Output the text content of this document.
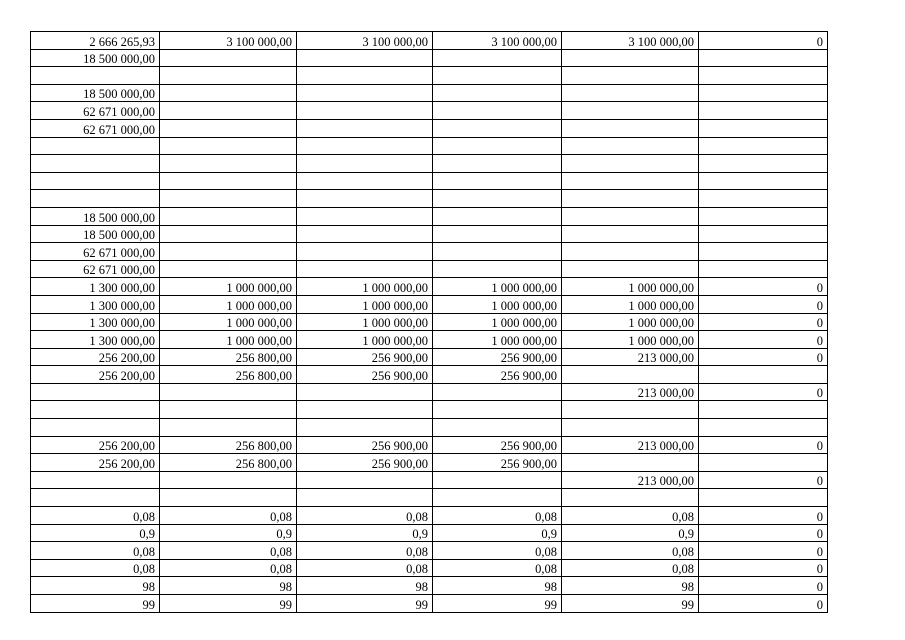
2 666 265,93	3 100 000,00	3 100 000,00	3 100 000,00	3 100 000,00	0
18 500 000,00					

18 500 000,00					
62 671 000,00					
62 671 000,00					

18 500 000,00					
18 500 000,00					
62 671 000,00					
62 671 000,00					
1 300 000,00	1 000 000,00	1 000 000,00	1 000 000,00	1 000 000,00	0
1 300 000,00	1 000 000,00	1 000 000,00	1 000 000,00	1 000 000,00	0
1 300 000,00	1 000 000,00	1 000 000,00	1 000 000,00	1 000 000,00	0
1 300 000,00	1 000 000,00	1 000 000,00	1 000 000,00	1 000 000,00	0
256 200,00	256 800,00	256 900,00	256 900,00	213 000,00	0
256 200,00	256 800,00	256 900,00	256 900,00		
				213 000,00	0

256 200,00	256 800,00	256 900,00	256 900,00	213 000,00	0
256 200,00	256 800,00	256 900,00	256 900,00		
				213 000,00	0

0,08	0,08	0,08	0,08	0,08	0
0,9	0,9	0,9	0,9	0,9	0
0,08	0,08	0,08	0,08	0,08	0
0,08	0,08	0,08	0,08	0,08	0
98	98	98	98	98	0
99	99	99	99	99	0
